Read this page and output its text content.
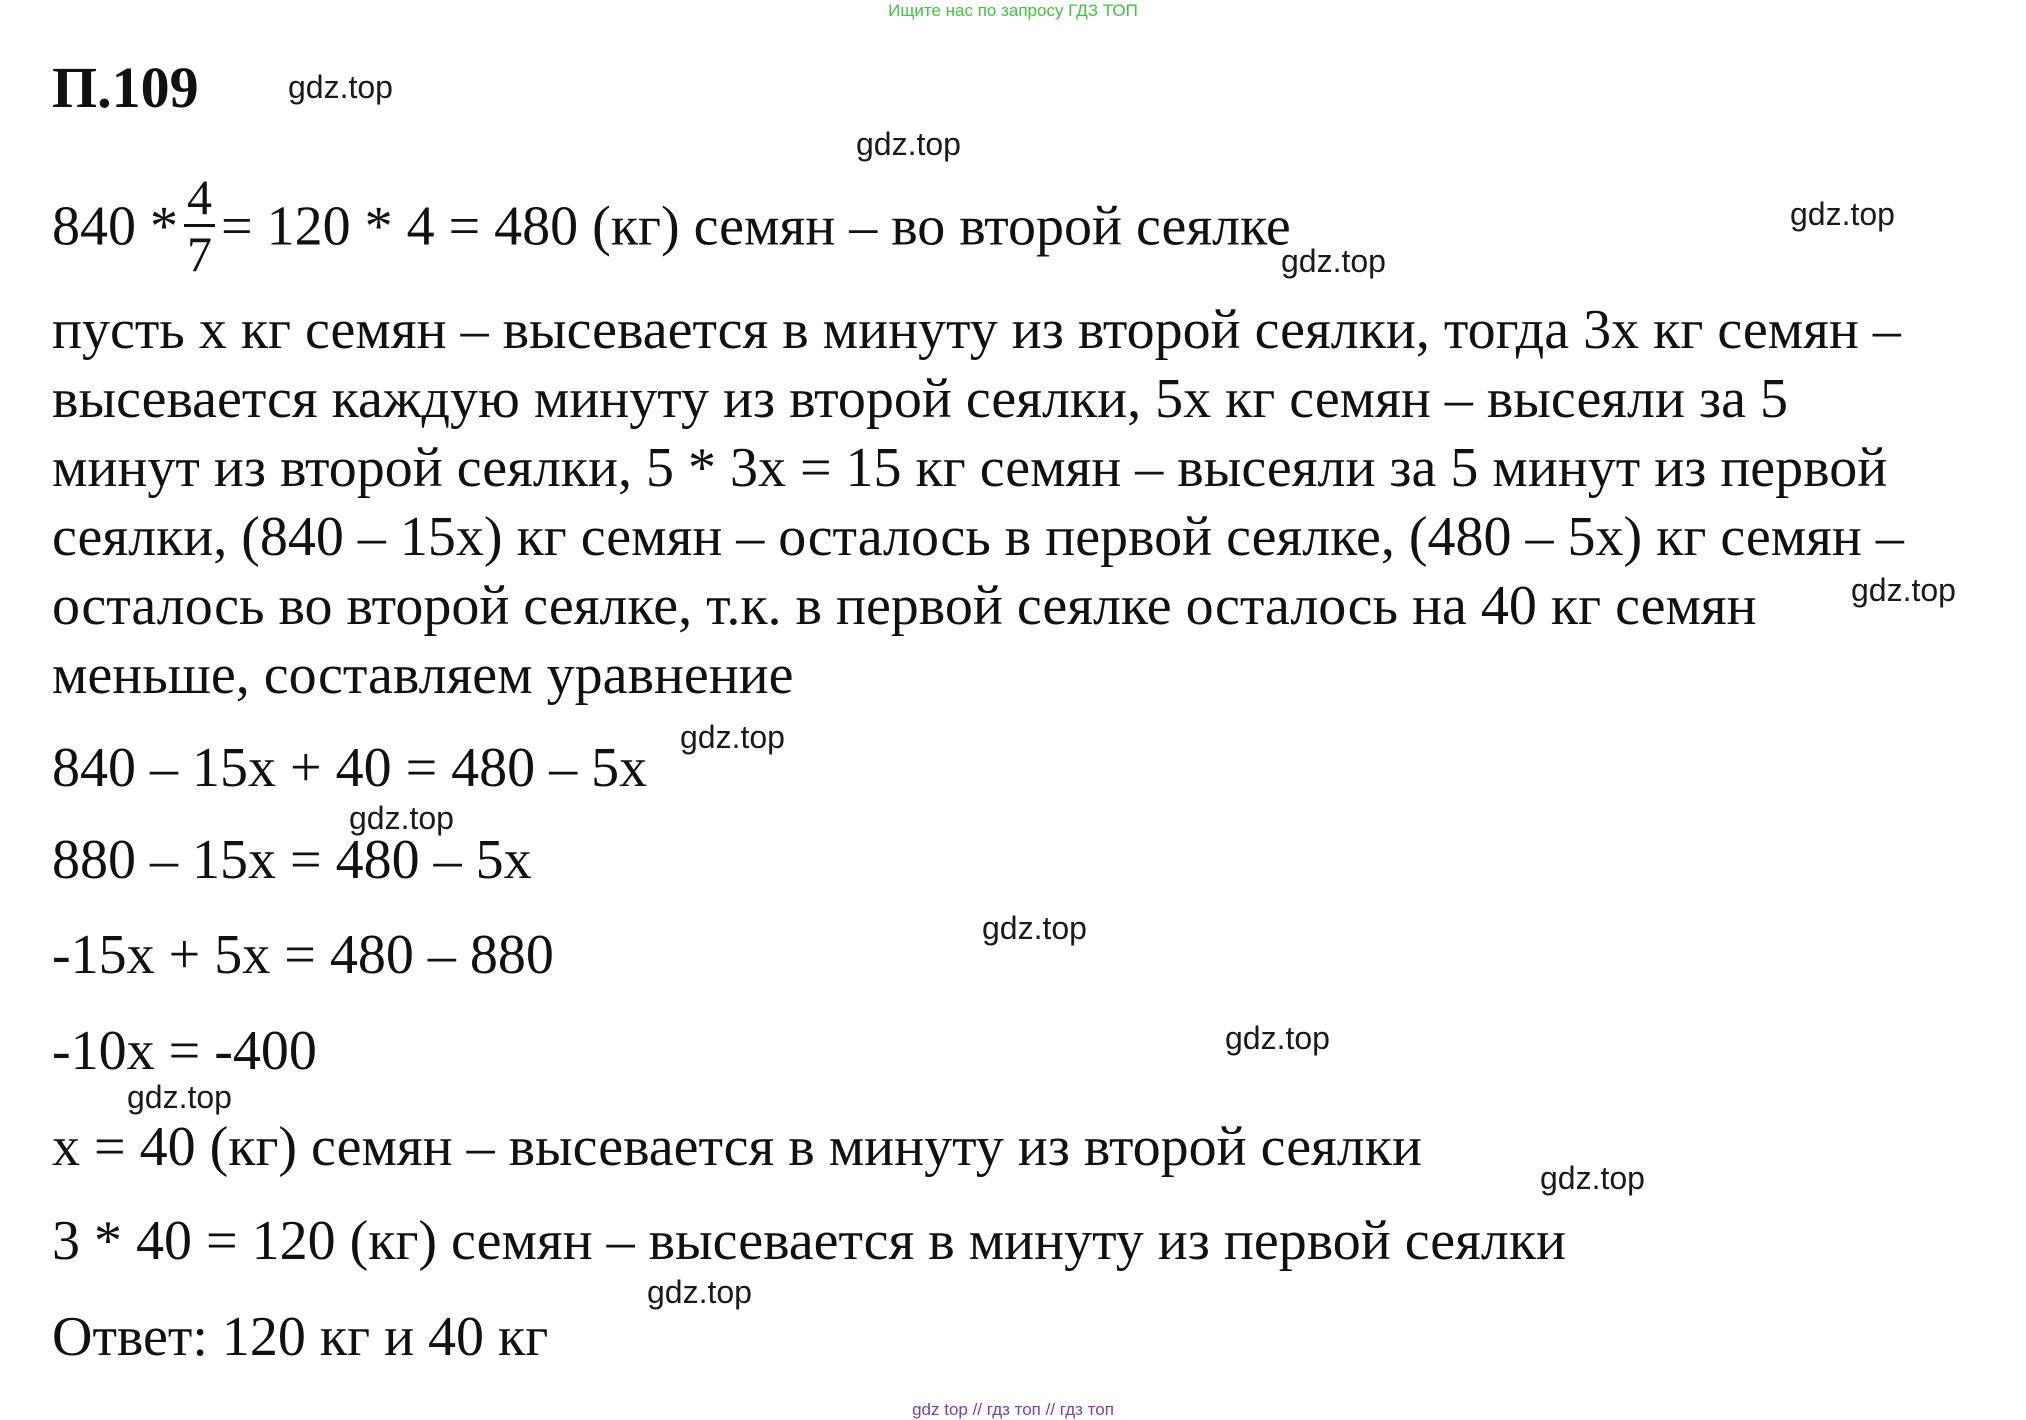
Ищите нас по запросу ГДЗ ТОП
П.109
$840 * \frac{4}{7} = 120 * 4 = 480$ (кг) семян – во второй сеялке
пусть x кг семян – высевается в минуту из второй сеялки, тогда 3x кг семян –
высевается каждую минуту из второй сеялки, 5x кг семян – высеяли за 5
минут из второй сеялки, 5 * 3x = 15 кг семян – высеяли за 5 минут из первой
сеялки, (840 – 15x) кг семян – осталось в первой сеялке, (480 – 5x) кг семян –
осталось во второй сеялке, т.к. в первой сеялке осталось на 40 кг семян
меньше, составляем уравнение
840 – 15x + 40 = 480 – 5x
880 – 15x = 480 – 5x
-15x + 5x = 480 – 880
-10x = -400
x = 40 (кг) семян – высевается в минуту из второй сеялки
3 * 40 = 120 (кг) семян – высевается в минуту из первой сеялки
Ответ: 120 кг и 40 кг
gdz.top
gdz.top
gdz.top
gdz.top
gdz.top
gdz.top
gdz.top
gdz.top
gdz.top
gdz.top
gdz.top
gdz.top
gdz top // гдз топ // гдз топ
